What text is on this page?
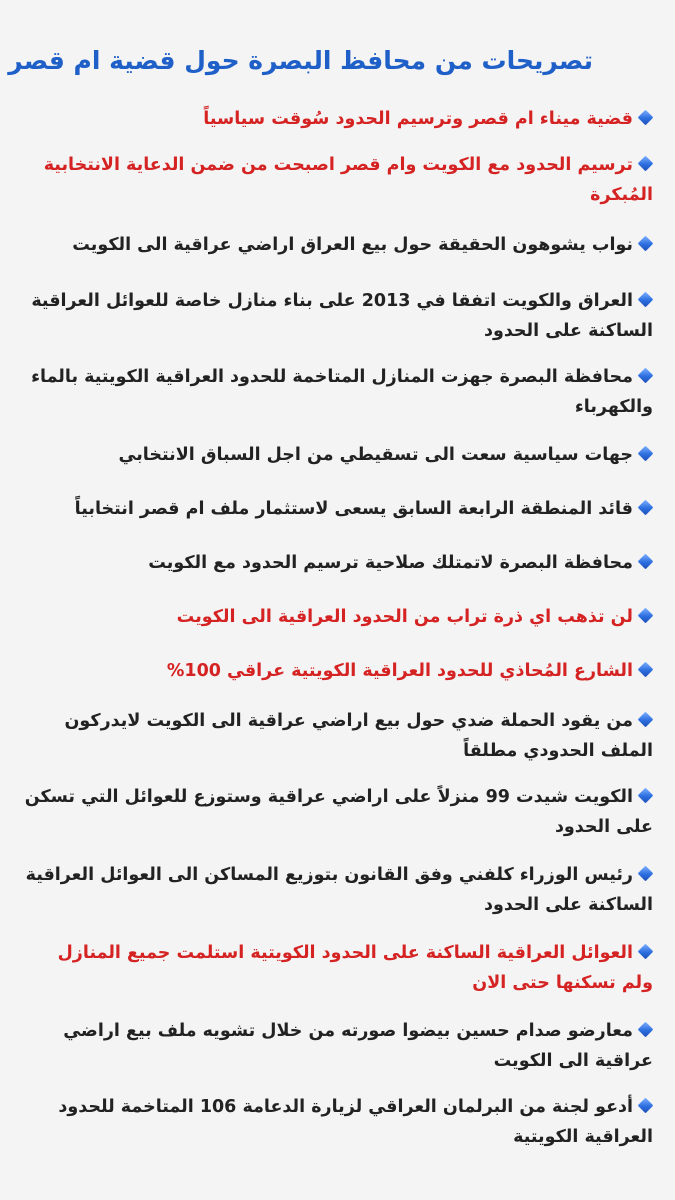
تصريحات من محافظ البصرة حول قضية ام قصر
قضية ميناء ام قصر وترسيم الحدود سُوقت سياسياً
ترسيم الحدود مع الكويت وام قصر اصبحت من ضمن الدعاية الانتخابية المُبكرة
نواب يشوهون الحقيقة حول بيع العراق اراضي عراقية الى الكويت
العراق والكويت اتفقا في 2013 على بناء منازل خاصة للعوائل العراقية الساكنة على الحدود
محافظة البصرة جهزت المنازل المتاخمة للحدود العراقية الكويتية بالماء والكهرباء
جهات سياسية سعت الى تسقيطي من اجل السباق الانتخابي
قائد المنطقة الرابعة السابق يسعى لاستثمار ملف ام قصر انتخابياً
محافظة البصرة لاتمتلك صلاحية ترسيم الحدود مع الكويت
لن تذهب اي ذرة تراب من الحدود العراقية الى الكويت
الشارع المُحاذي للحدود العراقية الكويتية عراقي 100%
من يقود الحملة ضدي حول بيع اراضي عراقية الى الكويت لايدركون الملف الحدودي مطلقاً
الكويت شيدت 99 منزلاً على اراضي عراقية وستوزع للعوائل التي تسكن على الحدود
رئيس الوزراء كلفني وفق القانون بتوزيع المساكن الى العوائل العراقية الساكنة على الحدود
العوائل العراقية الساكنة على الحدود الكويتية استلمت جميع المنازل ولم تسكنها حتى الان
معارضو صدام حسين بيضوا صورته من خلال تشويه ملف بيع اراضي عراقية الى الكويت
أدعو لجنة من البرلمان العراقي لزيارة الدعامة 106 المتاخمة للحدود العراقية الكويتية
